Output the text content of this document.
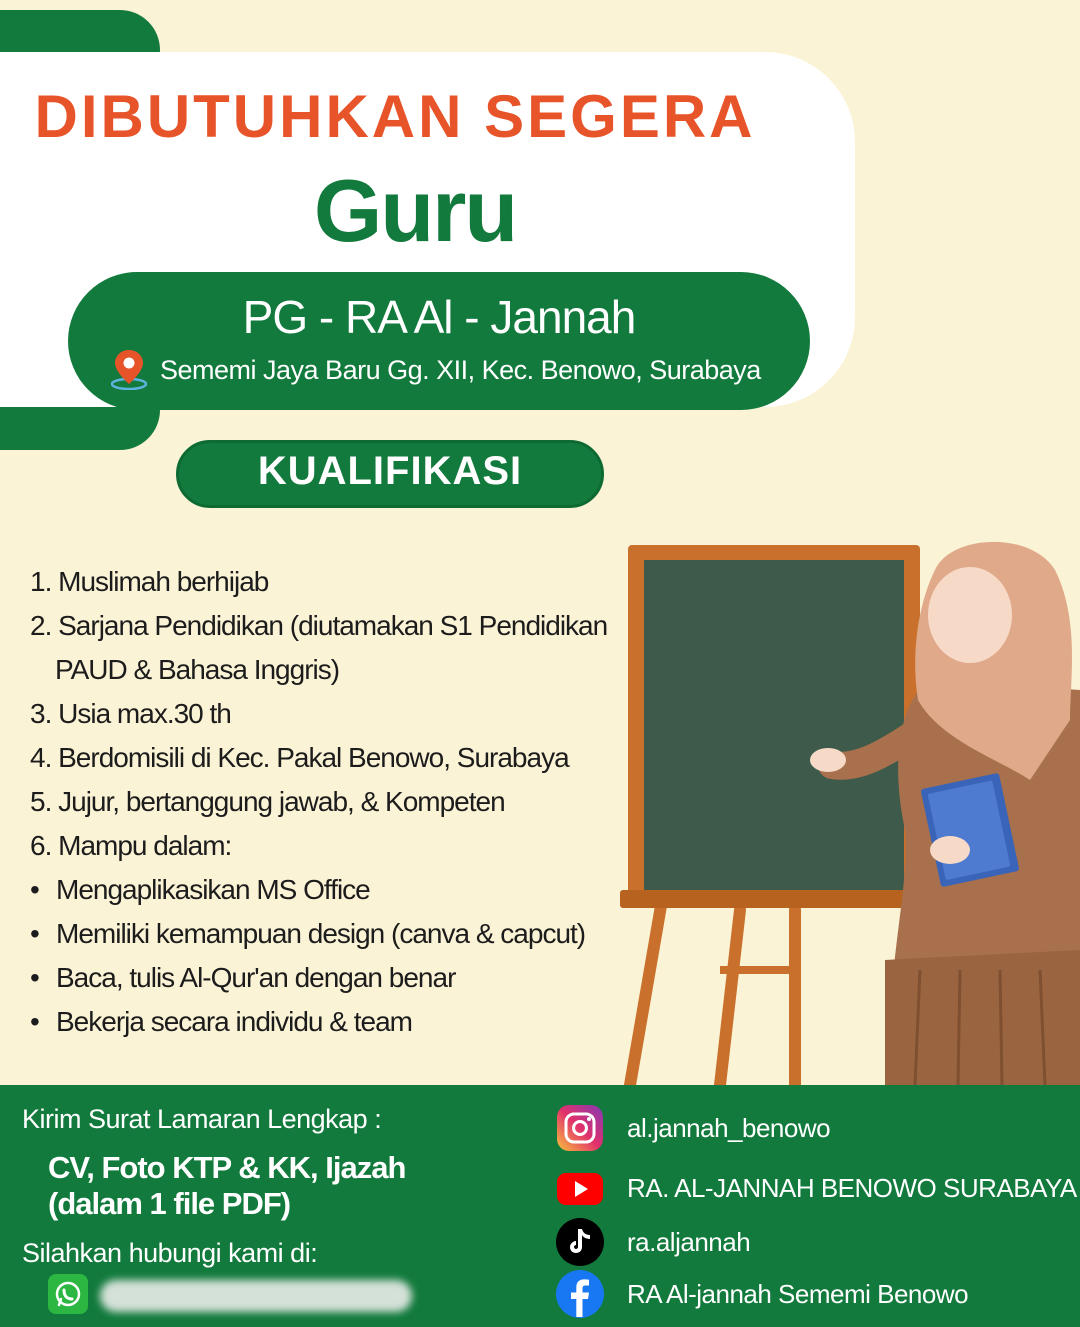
DIBUTUHKAN SEGERA
Guru
PG - RA Al - Jannah
Sememi Jaya Baru Gg. XII, Kec. Benowo, Surabaya
KUALIFIKASI
1. Muslimah berhijab
2. Sarjana Pendidikan (diutamakan S1 Pendidikan
PAUD & Bahasa Inggris)
3. Usia max.30 th
4. Berdomisili di Kec. Pakal Benowo, Surabaya
5. Jujur, bertanggung jawab, & Kompeten
6. Mampu dalam:
• Mengaplikasikan MS Office
• Memiliki kemampuan design (canva & capcut)
• Baca, tulis Al-Qur'an dengan benar
• Bekerja secara individu & team
Kirim Surat Lamaran Lengkap :
CV, Foto KTP & KK, Ijazah
(dalam 1 file PDF)
Silahkan hubungi kami di:
al.jannah_benowo
RA. AL-JANNAH BENOWO SURABAYA
ra.aljannah
RA Al-jannah Sememi Benowo
